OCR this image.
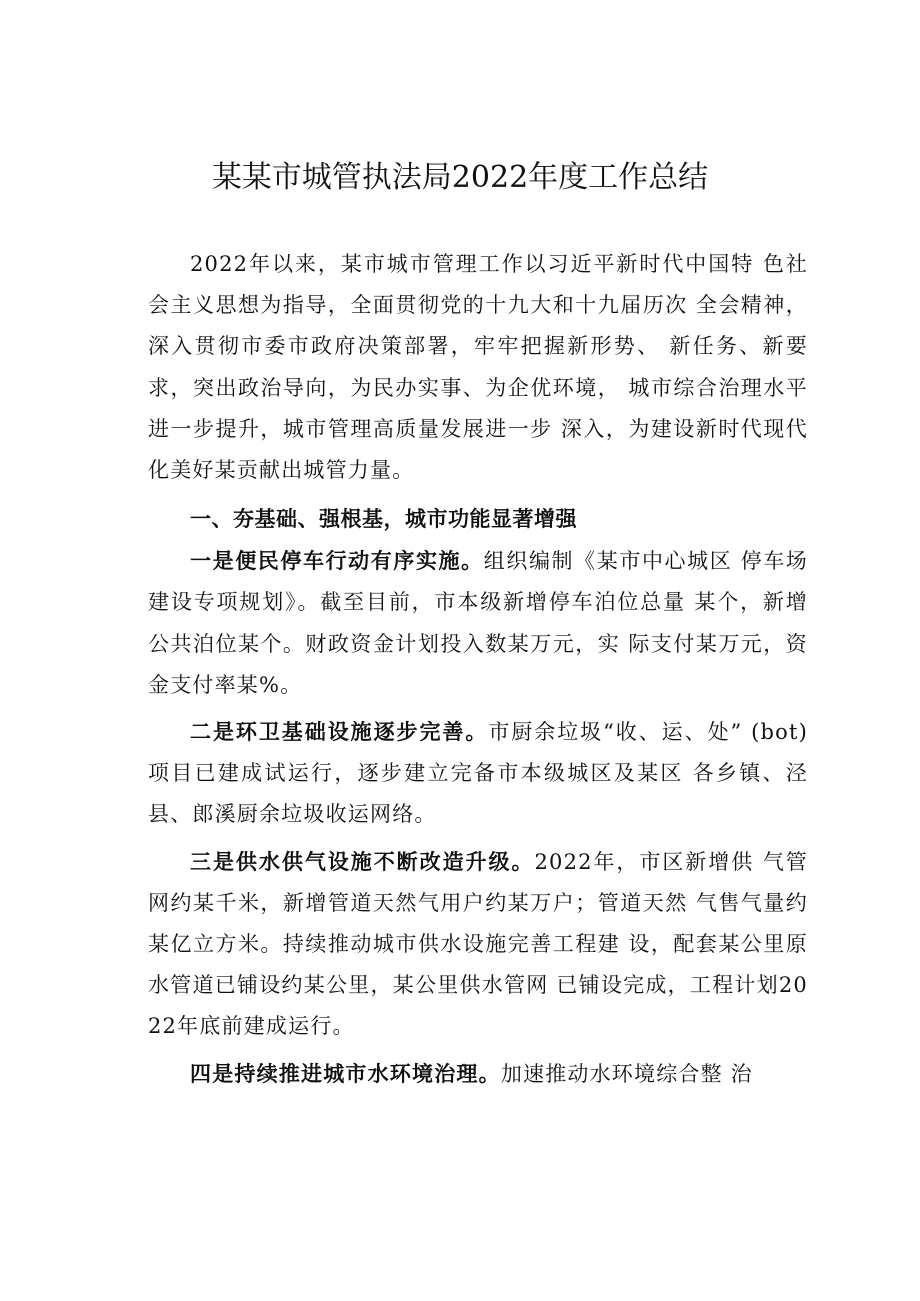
某某市城管执法局2022年度工作总结

2022年以来，某市城市管理工作以习近平新时代中国特 色社会主义思想为指导，全面贯彻党的十九大和十九届历次 全会精神，深入贯彻市委市政府决策部署，牢牢把握新形势、 新任务、新要求，突出政治导向，为民办实事、为企优环境， 城市综合治理水平进一步提升，城市管理高质量发展进一步 深入，为建设新时代现代化美好某贡献出城管力量。

一、夯基础、强根基，城市功能显著增强

一是便民停车行动有序实施。组织编制《某市中心城区 停车场建设专项规划》。截至目前，市本级新增停车泊位总量 某个，新增公共泊位某个。财政资金计划投入数某万元，实 际支付某万元，资金支付率某%。

二是环卫基础设施逐步完善。市厨余垃圾“收、运、处” (bot)项目已建成试运行，逐步建立完备市本级城区及某区 各乡镇、泾县、郎溪厨余垃圾收运网络。

三是供水供气设施不断改造升级。2022年，市区新增供 气管网约某千米，新增管道天然气用户约某万户；管道天然 气售气量约某亿立方米。持续推动城市供水设施完善工程建 设，配套某公里原水管道已铺设约某公里，某公里供水管网 已铺设完成，工程计划2022年底前建成运行。

四是持续推进城市水环境治理。加速推动水环境综合整 治
